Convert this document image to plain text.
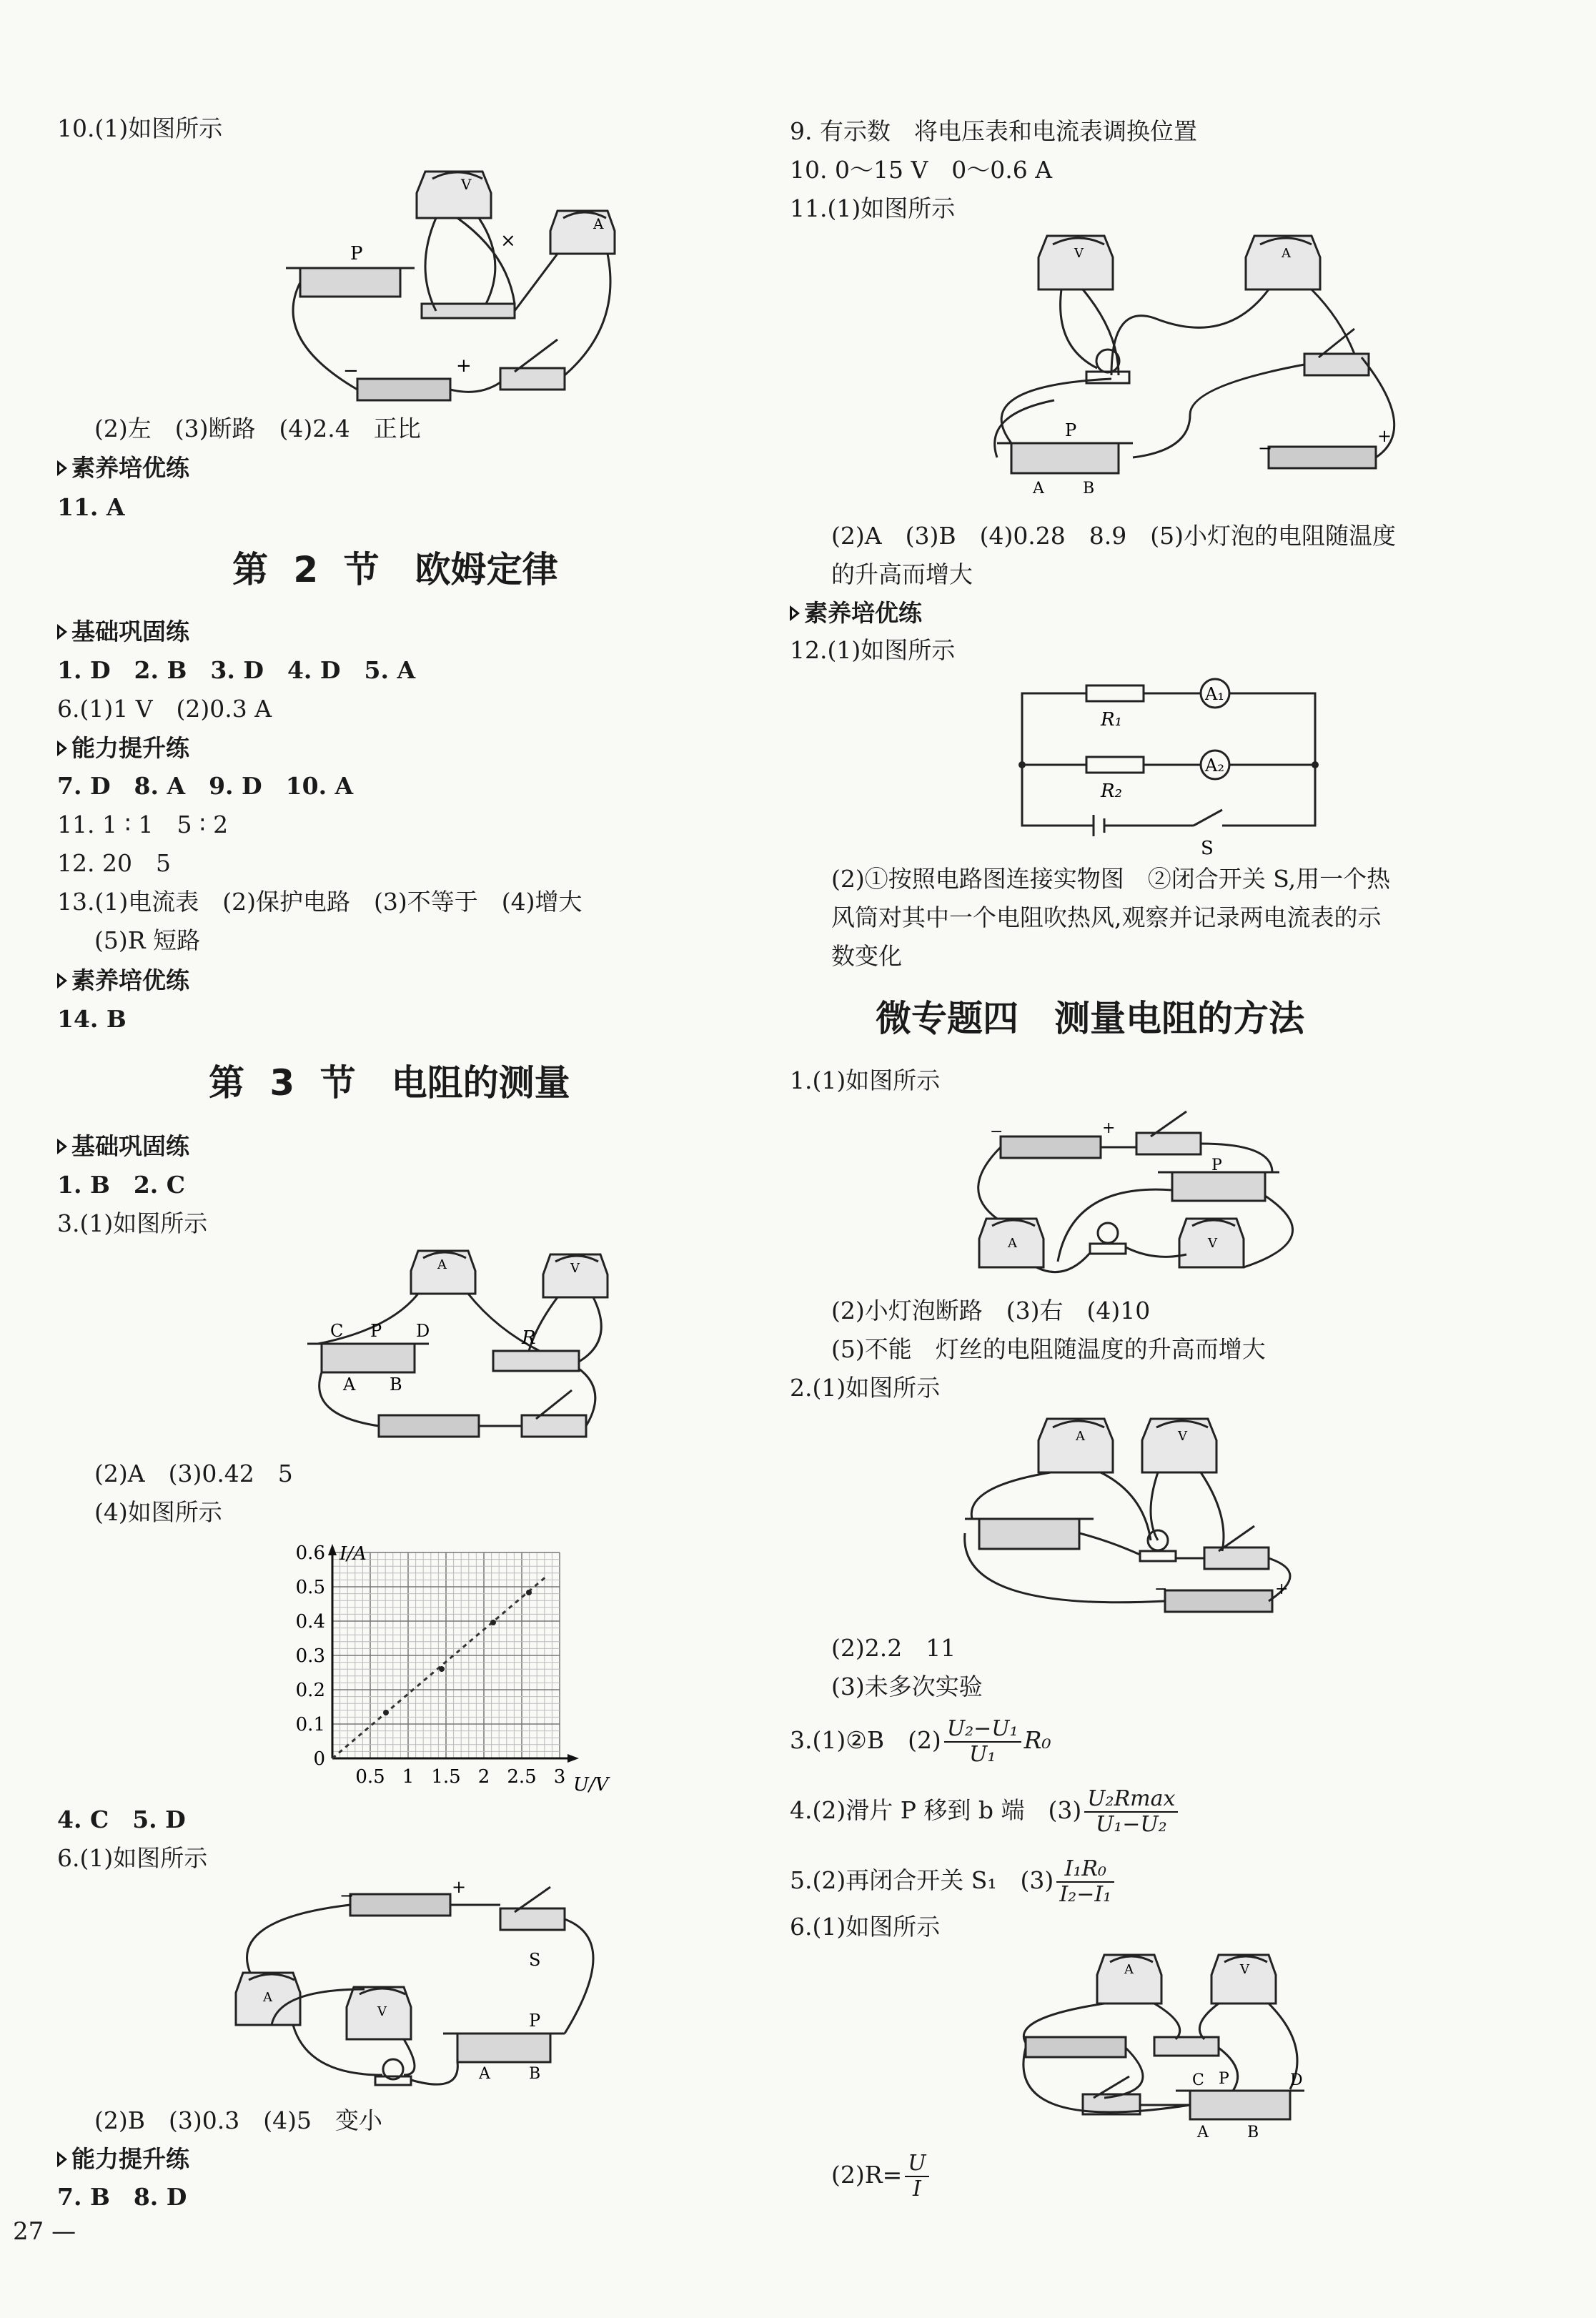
10.(1)如图所示
P
V
A
−	+
×
(2)左　(3)断路　(4)2.4　正比
素养培优练
11. A
第 2 节　欧姆定律
基础巩固练
1. D　2. B　3. D　4. D　5. A
6.(1)1 V　(2)0.3 A
能力提升练
7. D　8. A　9. D　10. A
11. 1 ∶ 1　5 ∶ 2
12. 20　5
13.(1)电流表　(2)保护电路　(3)不等于　(4)增大
(5)R 短路
素养培优练
14. B
第 3 节　电阻的测量
基础巩固练
1. B　2. C
3.(1)如图所示
P
C	D
A B
R
A	V
(2)A　(3)0.42　5
(4)如图所示
I/A
U/V
0.6
0.5
0.4
0.3
0.2
0.1
0
0.5 1 1.5 2 2.5 3
4. C　5. D
6.(1)如图所示
−	+
S
P
A B
A
V
(2)B　(3)0.3　(4)5　变小
能力提升练
7. B　8. D
9. 有示数　将电压表和电流表调换位置
10. 0～15 V　0～0.6 A
11.(1)如图所示
V	A
P
A B
−
+
(2)A　(3)B　(4)0.28　8.9　(5)小灯泡的电阻随温度
的升高而增大
素养培优练
12.(1)如图所示
R₁
R₂
A₁
A₂
S
(2)①按照电路图连接实物图　②闭合开关 S,用一个热
风筒对其中一个电阻吹热风,观察并记录两电流表的示
数变化
微专题四　测量电阻的方法
1.(1)如图所示
−	+
P
A	V
(2)小灯泡断路　(3)右　(4)10
(5)不能　灯丝的电阻随温度的升高而增大
2.(1)如图所示
A	V
−	+
(2)2.2　11
(3)未多次实验
3.(1)②B　$(2) \frac{\text{U₂−U₁}}{\text{U₁}} R_0$
4.(2)滑片 P 移到 b 端　$(3) \frac{\text{U₂Rmax}}{\text{U₁−U₂}}$
5.(2)再闭合开关 S₁　$(3) \frac{\text{I₁R₀}}{\text{I₂−I₁}}$
6.(1)如图所示
A	V
C P	D
A B
$(2)R= \frac{U}{I}$
27 —
